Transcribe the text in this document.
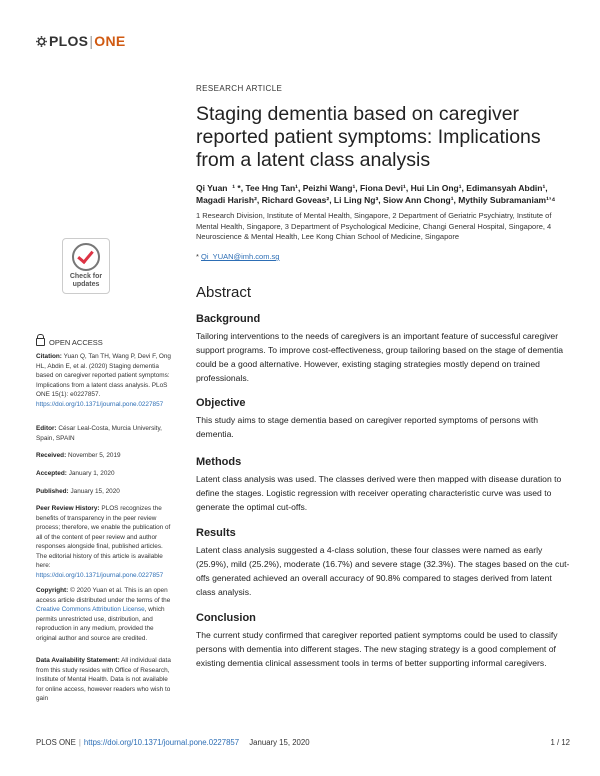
PLOS|ONE
Check for
updates
RESEARCH ARTICLE
Staging dementia based on caregiver reported patient symptoms: Implications from a latent class analysis
Qi Yuan  ¹ *, Tee Hng Tan¹, Peizhi Wang¹, Fiona Devi¹, Hui Lin Ong¹, Edimansyah Abdin¹, Magadi Harish², Richard Goveas², Li Ling Ng³, Siow Ann Chong¹, Mythily Subramaniam¹ʼ⁴
1 Research Division, Institute of Mental Health, Singapore, 2 Department of Geriatric Psychiatry, Institute of Mental Health, Singapore, 3 Department of Psychological Medicine, Changi General Hospital, Singapore, 4 Neuroscience & Mental Health, Lee Kong Chian School of Medicine, Singapore
* Qi_YUAN@imh.com.sg
Abstract
Background

Tailoring interventions to the needs of caregivers is an important feature of successful caregiver support programs. To improve cost-effectiveness, group tailoring based on the stage of dementia could be a good alternative. However, existing staging strategies mostly depend on trained professionals.

Objective

This study aims to stage dementia based on caregiver reported symptoms of persons with dementia.

Methods

Latent class analysis was used. The classes derived were then mapped with disease duration to define the stages. Logistic regression with receiver operating characteristic curve was used to generate the optimal cut-offs.

Results

Latent class analysis suggested a 4-class solution, these four classes were named as early (25.9%), mild (25.2%), moderate (16.7%) and severe stage (32.3%). The stages based on the cut-offs generated achieved an overall accuracy of 90.8% compared to stages derived from latent class analysis.

Conclusion

The current study confirmed that caregiver reported patient symptoms could be used to classify persons with dementia into different stages. The new staging strategy is a good complement of existing dementia clinical assessment tools in terms of better supporting informal caregivers.

OPEN ACCESS
Citation: Yuan Q, Tan TH, Wang P, Devi F, Ong HL, Abdin E, et al. (2020) Staging dementia based on caregiver reported patient symptoms: Implications from a latent class analysis. PLoS ONE 15(1): e0227857. https://doi.org/10.1371/journal.pone.0227857
Editor: César Leal-Costa, Murcia University, Spain, SPAIN
Received: November 5, 2019
Accepted: January 1, 2020
Published: January 15, 2020
Peer Review History: PLOS recognizes the benefits of transparency in the peer review process; therefore, we enable the publication of all of the content of peer review and author responses alongside final, published articles. The editorial history of this article is available here: https://doi.org/10.1371/journal.pone.0227857
Copyright: © 2020 Yuan et al. This is an open access article distributed under the terms of the Creative Commons Attribution License, which permits unrestricted use, distribution, and reproduction in any medium, provided the original author and source are credited.
Data Availability Statement: All individual data from this study resides with Office of Research, Institute of Mental Health. Data is not available for online access, however readers who wish to gain
PLOS ONE | https://doi.org/10.1371/journal.pone.0227857 January 15, 2020	1 / 12
